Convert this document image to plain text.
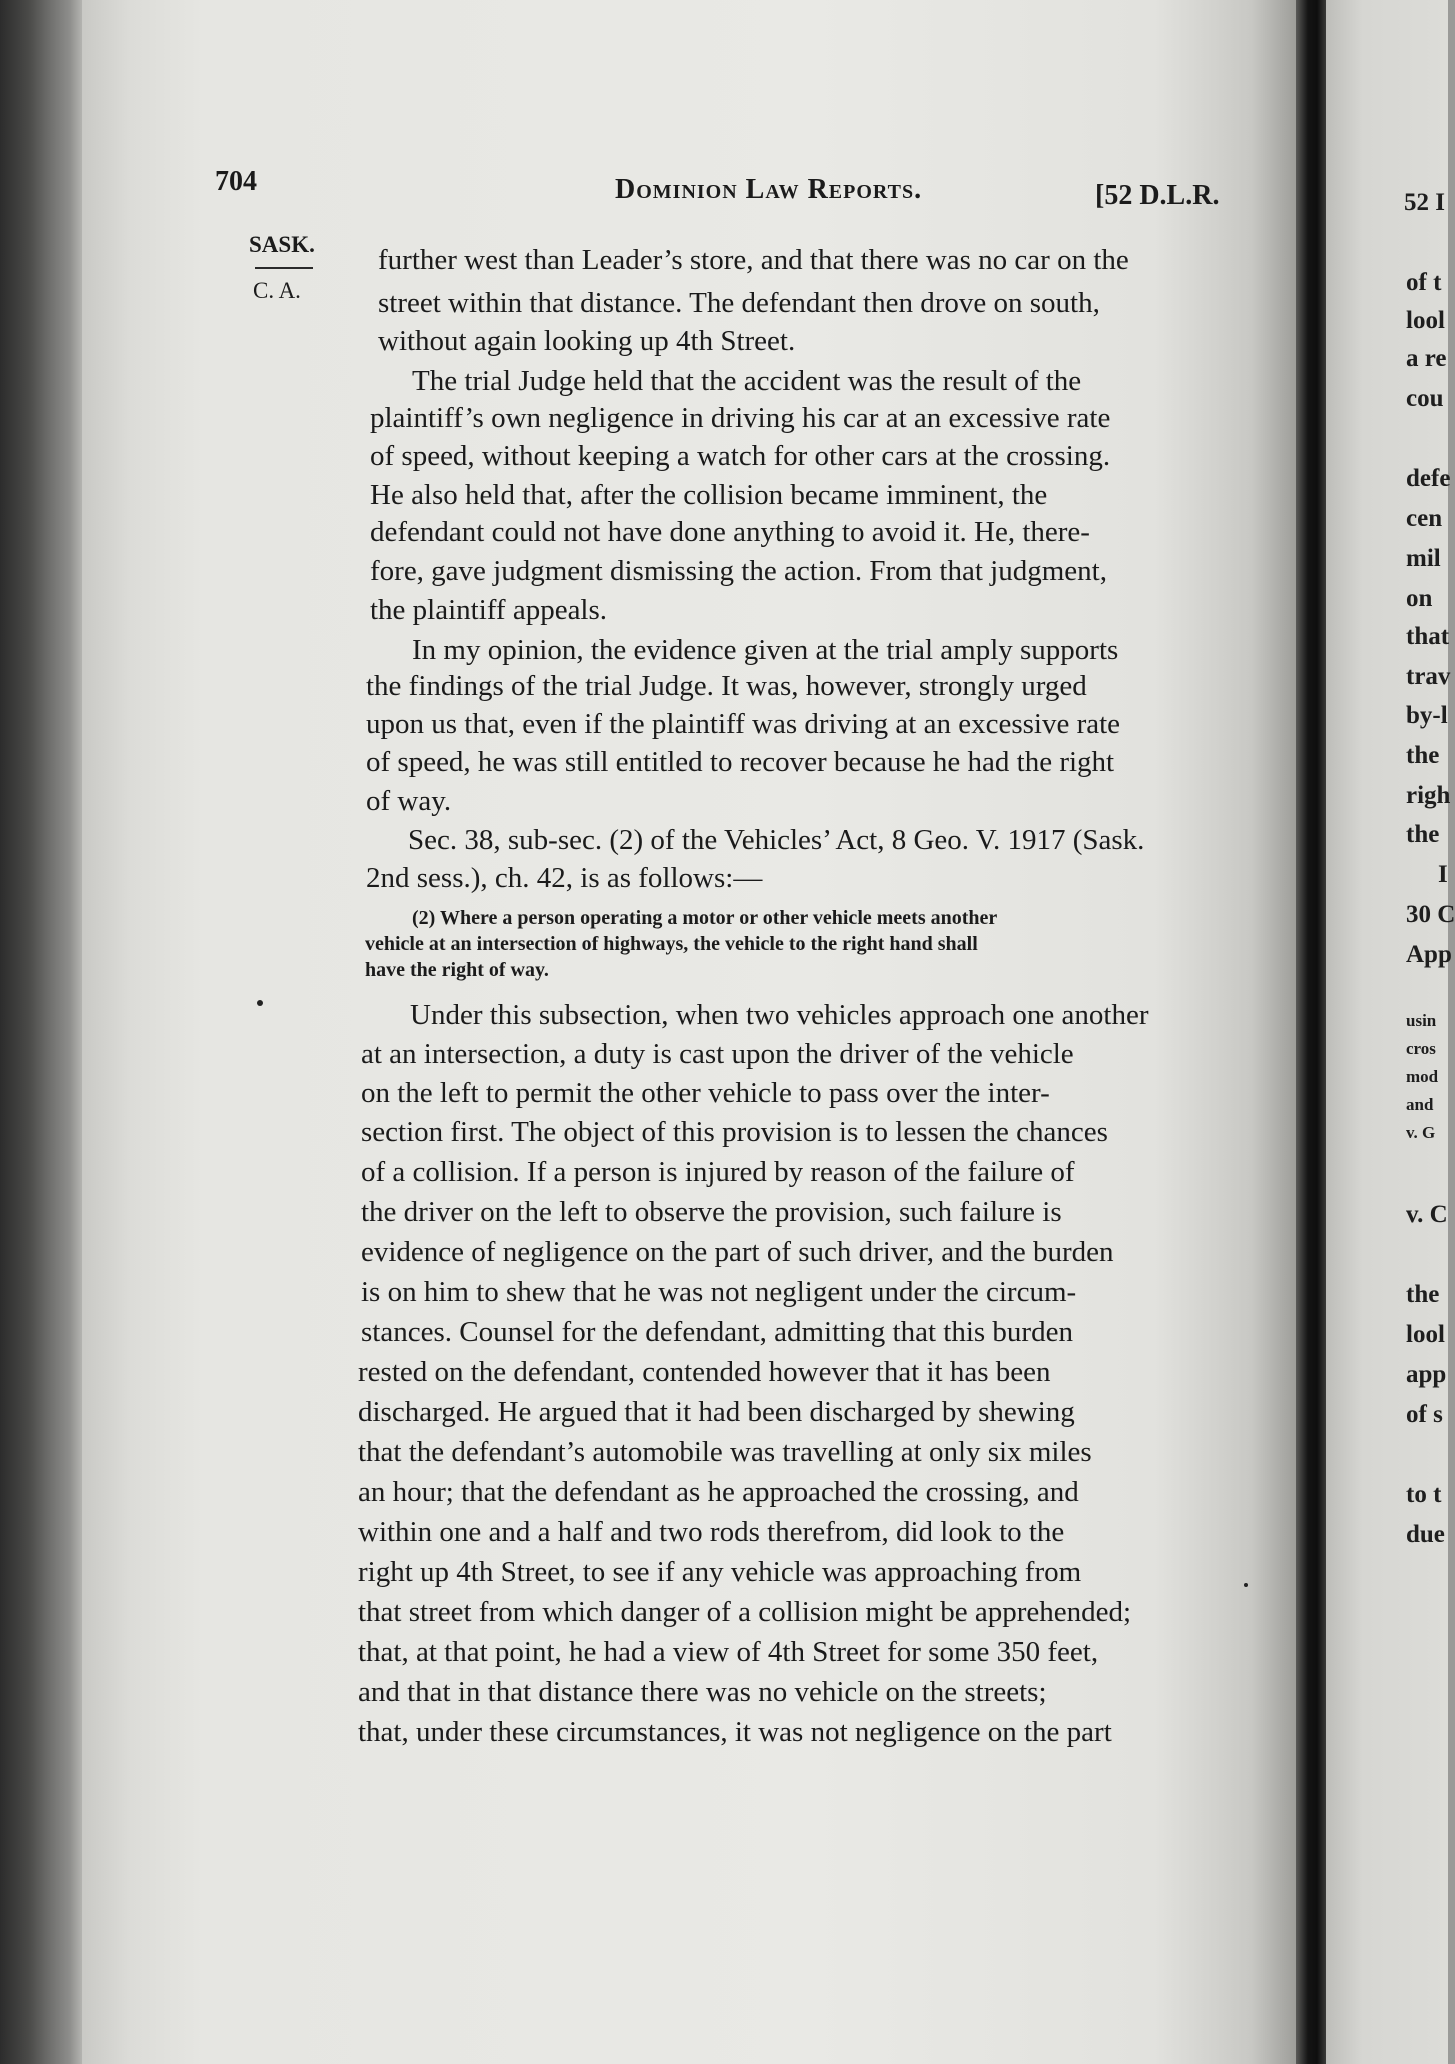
704	Dominion Law Reports.	[52 D.L.R.
SASK.
C. A.
further west than Leader’s store, and that there was no car on the
street within that distance. The defendant then drove on south,
without again looking up 4th Street.
The trial Judge held that the accident was the result of the
plaintiff’s own negligence in driving his car at an excessive rate
of speed, without keeping a watch for other cars at the crossing.
He also held that, after the collision became imminent, the
defendant could not have done anything to avoid it. He, there-
fore, gave judgment dismissing the action. From that judgment,
the plaintiff appeals.
In my opinion, the evidence given at the trial amply supports
the findings of the trial Judge. It was, however, strongly urged
upon us that, even if the plaintiff was driving at an excessive rate
of speed, he was still entitled to recover because he had the right
of way.
Sec. 38, sub-sec. (2) of the Vehicles’ Act, 8 Geo. V. 1917 (Sask.
2nd sess.), ch. 42, is as follows:—
(2) Where a person operating a motor or other vehicle meets another
vehicle at an intersection of highways, the vehicle to the right hand shall
have the right of way.
Under this subsection, when two vehicles approach one another
at an intersection, a duty is cast upon the driver of the vehicle
on the left to permit the other vehicle to pass over the inter-
section first. The object of this provision is to lessen the chances
of a collision. If a person is injured by reason of the failure of
the driver on the left to observe the provision, such failure is
evidence of negligence on the part of such driver, and the burden
is on him to shew that he was not negligent under the circum-
stances. Counsel for the defendant, admitting that this burden
rested on the defendant, contended however that it has been
discharged. He argued that it had been discharged by shewing
that the defendant’s automobile was travelling at only six miles
an hour; that the defendant as he approached the crossing, and
within one and a half and two rods therefrom, did look to the
right up 4th Street, to see if any vehicle was approaching from
that street from which danger of a collision might be apprehended;
that, at that point, he had a view of 4th Street for some 350 feet,
and that in that distance there was no vehicle on the streets;
that, under these circumstances, it was not negligence on the part
52 I
of t
lool
a re
cou
defe
cen
mil
on
that
trav
by-l
the
righ
the
I
30 C
App
usin
cros
mod
and
v. G
v. C
the
lool
app
of s
to t
due
